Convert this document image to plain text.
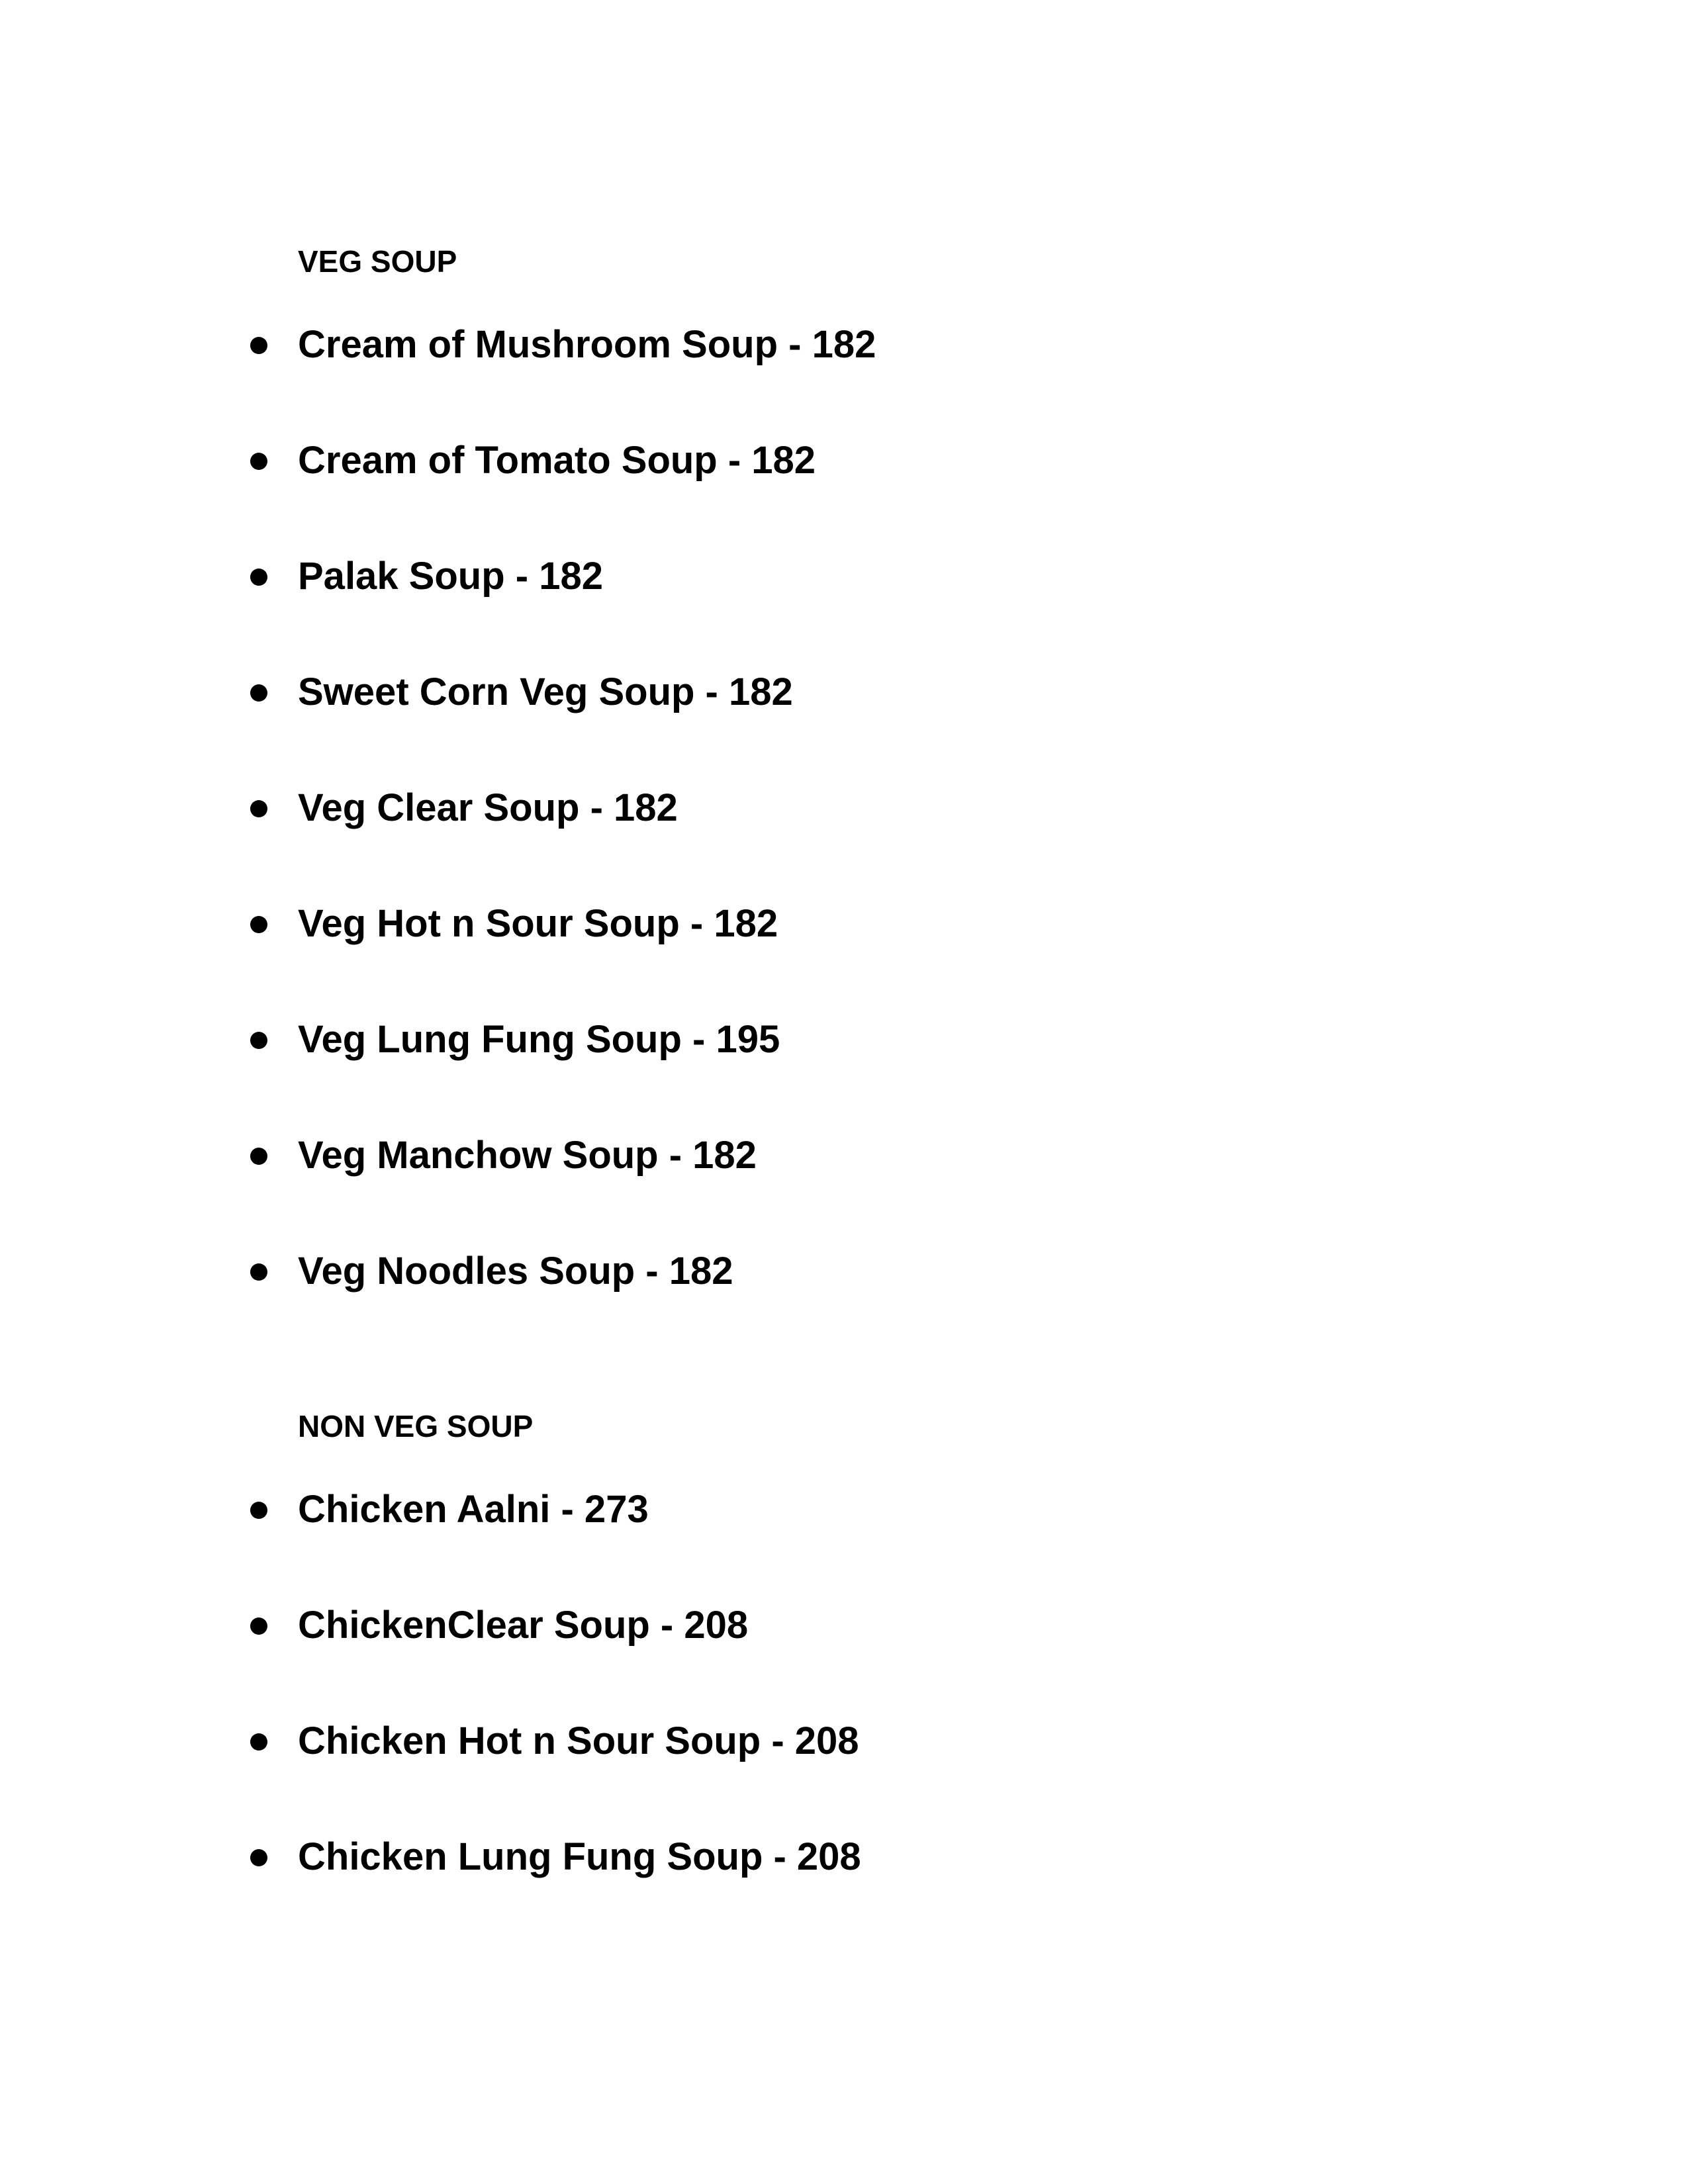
VEG SOUP
Cream of Mushroom Soup - 182
Cream of Tomato Soup - 182
Palak Soup - 182
Sweet Corn Veg Soup - 182
Veg Clear Soup - 182
Veg Hot n Sour Soup - 182
Veg Lung Fung Soup - 195
Veg Manchow Soup - 182
Veg Noodles Soup - 182
NON VEG SOUP
Chicken Aalni - 273
ChickenClear Soup - 208
Chicken Hot n Sour Soup - 208
Chicken Lung Fung Soup - 208
